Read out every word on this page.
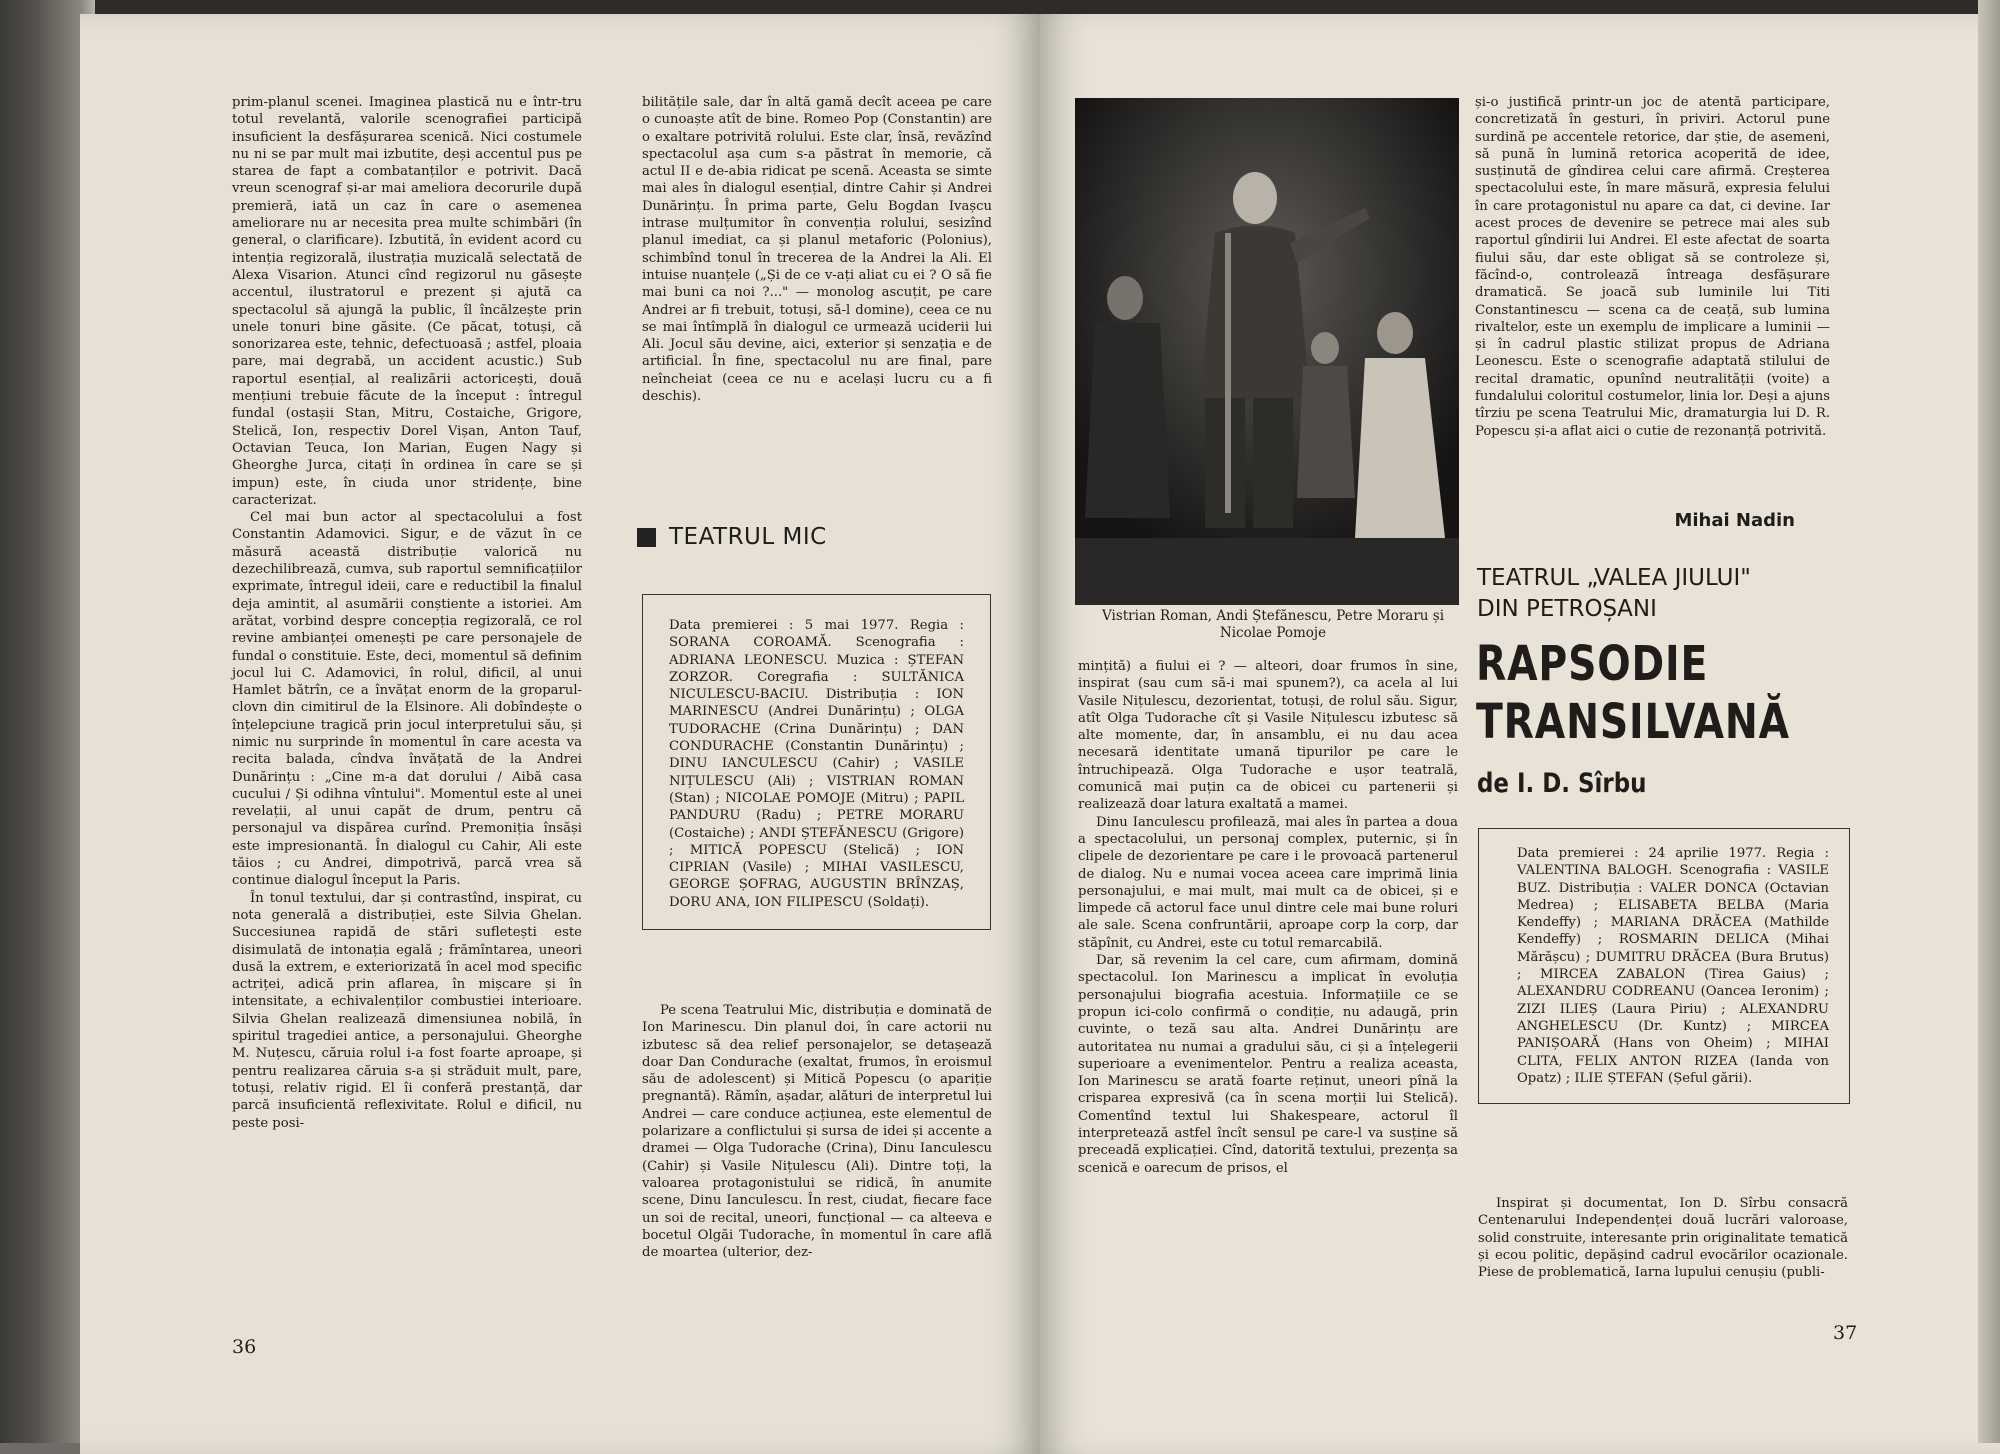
prim-planul scenei. Imaginea plastică nu e într-tru totul revelantă, valorile scenografiei participă insuficient la desfășurarea scenică. Nici costumele nu ni se par mult mai izbutite, deși accentul pus pe starea de fapt a combatanților e potrivit. Dacă vreun scenograf și-ar mai ameliora decorurile după premieră, iată un caz în care o asemenea ameliorare nu ar necesita prea multe schimbări (în general, o clarificare). Izbutită, în evident acord cu intenția regizorală, ilustrația muzicală selectată de Alexa Visarion. Atunci cînd regizorul nu găsește accentul, ilustratorul e prezent și ajută ca spectacolul să ajungă la public, îl încălzește prin unele tonuri bine găsite. (Ce păcat, totuși, că sonorizarea este, tehnic, defectuoasă ; astfel, ploaia pare, mai degrabă, un accident acustic.) Sub raportul esențial, al realizării actoricești, două mențiuni trebuie făcute de la început : întregul fundal (ostașii Stan, Mitru, Costaiche, Grigore, Stelică, Ion, respectiv Dorel Vișan, Anton Tauf, Octavian Teuca, Ion Marian, Eugen Nagy și Gheorghe Jurca, citați în ordinea în care se și impun) este, în ciuda unor stridențe, bine caracterizat.

Cel mai bun actor al spectacolului a fost Constantin Adamovici. Sigur, e de văzut în ce măsură această distribuție valorică nu dezechilibrează, cumva, sub raportul semnificațiilor exprimate, întregul ideii, care e reductibil la finalul deja amintit, al asumării conștiente a istoriei. Am arătat, vorbind despre concepția regizorală, ce rol revine ambianței omenești pe care personajele de fundal o constituie. Este, deci, momentul să definim jocul lui C. Adamovici, în rolul, dificil, al unui Hamlet bătrîn, ce a învățat enorm de la groparul-clovn din cimitirul de la Elsinore. Ali dobîndește o înțelepciune tragică prin jocul interpretului său, și nimic nu surprinde în momentul în care acesta va recita balada, cîndva învățată de la Andrei Dunărințu : „Cine m-a dat dorului / Aibă casa cucului / Și odihna vîntului". Momentul este al unei revelații, al unui capăt de drum, pentru că personajul va dispărea curînd. Premoniția însăși este impresionantă. În dialogul cu Cahir, Ali este tăios ; cu Andrei, dimpotrivă, parcă vrea să continue dialogul început la Paris.

În tonul textului, dar și contrastînd, inspirat, cu nota generală a distribuției, este Silvia Ghelan. Succesiunea rapidă de stări sufletești este disimulată de intonația egală ; frămîntarea, uneori dusă la extrem, e exteriorizată în acel mod specific actriței, adică prin aflarea, în mișcare și în intensitate, a echivalenților combustiei interioare. Silvia Ghelan realizează dimensiunea nobilă, în spiritul tragediei antice, a personajului. Gheorghe M. Nuțescu, căruia rolul i-a fost foarte aproape, și pentru realizarea căruia s-a și străduit mult, pare, totuși, relativ rigid. El îi conferă prestanță, dar parcă insuficientă reflexivitate. Rolul e dificil, nu peste posi-

bilitățile sale, dar în altă gamă decît aceea pe care o cunoaște atît de bine. Romeo Pop (Constantin) are o exaltare potrivită rolului. Este clar, însă, revăzînd spectacolul așa cum s-a păstrat în memorie, că actul II e de-abia ridicat pe scenă. Aceasta se simte mai ales în dialogul esențial, dintre Cahir și Andrei Dunărințu. În prima parte, Gelu Bogdan Ivașcu intrase mulțumitor în convenția rolului, sesizînd planul imediat, ca și planul metaforic (Polonius), schimbînd tonul în trecerea de la Andrei la Ali. El intuise nuanțele („Și de ce v-ați aliat cu ei ? O să fie mai buni ca noi ?..." — monolog ascuțit, pe care Andrei ar fi trebuit, totuși, să-l domine), ceea ce nu se mai întîmplă în dialogul ce urmează uciderii lui Ali. Jocul său devine, aici, exterior și senzația e de artificial. În fine, spectacolul nu are final, pare neîncheiat (ceea ce nu e același lucru cu a fi deschis).

TEATRUL MIC
Data premierei : 5 mai 1977. Regia : SORANA COROAMĂ. Scenografia : ADRIANA LEONESCU. Muzica : ȘTEFAN ZORZOR. Coregrafia : SULTĂNICA NICULESCU-BACIU. Distribuția : ION MARINESCU (Andrei Dunărințu) ; OLGA TUDORACHE (Crina Dunărințu) ; DAN CONDURACHE (Constantin Dunărințu) ; DINU IANCULESCU (Cahir) ; VASILE NIȚULESCU (Ali) ; VISTRIAN ROMAN (Stan) ; NICOLAE POMOJE (Mitru) ; PAPIL PANDURU (Radu) ; PETRE MORARU (Costaiche) ; ANDI ȘTEFĂNESCU (Grigore) ; MITICĂ POPESCU (Stelică) ; ION CIPRIAN (Vasile) ; MIHAI VASILESCU, GEORGE ȘOFRAG, AUGUSTIN BRÎNZAȘ, DORU ANA, ION FILIPESCU (Soldați).

Pe scena Teatrului Mic, distribuția e dominată de Ion Marinescu. Din planul doi, în care actorii nu izbutesc să dea relief personajelor, se detașează doar Dan Condurache (exaltat, frumos, în eroismul său de adolescent) și Mitică Popescu (o apariție pregnantă). Rămîn, așadar, alături de interpretul lui Andrei — care conduce acțiunea, este elementul de polarizare a conflictului și sursa de idei și accente a dramei — Olga Tudorache (Crina), Dinu Ianculescu (Cahir) și Vasile Nițulescu (Ali). Dintre toți, la valoarea protagonistului se ridică, în anumite scene, Dinu Ianculescu. În rest, ciudat, fiecare face un soi de recital, uneori, funcțional — ca alteeva e bocetul Olgăi Tudorache, în momentul în care află de moartea (ulterior, dez-

36

și-o justifică printr-un joc de atentă participare, concretizată în gesturi, în priviri. Actorul pune surdină pe accentele retorice, dar știe, de asemeni, să pună în lumină retorica acoperită de idee, susținută de gîndirea celui care afirmă. Creșterea spectacolului este, în mare măsură, expresia felului în care protagonistul nu apare ca dat, ci devine. Iar acest proces de devenire se petrece mai ales sub raportul gîndirii lui Andrei. El este afectat de soarta fiului său, dar este obligat să se controleze și, făcînd-o, controlează întreaga desfășurare dramatică. Se joacă sub luminile lui Titi Constantinescu — scena ca de ceață, sub lumina rivaltelor, este un exemplu de implicare a luminii — și în cadrul plastic stilizat propus de Adriana Leonescu. Este o scenografie adaptată stilului de recital dramatic, opunînd neutralității (voite) a fundalului coloritul costumelor, linia lor. Deși a ajuns tîrziu pe scena Teatrului Mic, dramaturgia lui D. R. Popescu și-a aflat aici o cutie de rezonanță potrivită.

Mihai Nadin
Vistrian Roman, Andi Ștefănescu, Petre Moraru și Nicolae Pomoje

mințită) a fiului ei ? — alteori, doar frumos în sine, inspirat (sau cum să-i mai spunem?), ca acela al lui Vasile Nițulescu, dezorientat, totuși, de rolul său. Sigur, atît Olga Tudorache cît și Vasile Nițulescu izbutesc să alte momente, dar, în ansamblu, ei nu dau acea necesară identitate umană tipurilor pe care le întruchipează. Olga Tudorache e ușor teatrală, comunică mai puțin ca de obicei cu partenerii și realizează doar latura exaltată a mamei.

Dinu Ianculescu profilează, mai ales în partea a doua a spectacolului, un personaj complex, puternic, și în clipele de dezorientare pe care i le provoacă partenerul de dialog. Nu e numai vocea aceea care imprimă linia personajului, e mai mult, mai mult ca de obicei, și e limpede că actorul face unul dintre cele mai bune roluri ale sale. Scena confruntării, aproape corp la corp, dar stăpînit, cu Andrei, este cu totul remarcabilă.

Dar, să revenim la cel care, cum afirmam, domină spectacolul. Ion Marinescu a implicat în evoluția personajului biografia acestuia. Informațiile ce se propun ici-colo confirmă o condiție, nu adaugă, prin cuvinte, o teză sau alta. Andrei Dunărințu are autoritatea nu numai a gradului său, ci și a înțelegerii superioare a evenimentelor. Pentru a realiza aceasta, Ion Marinescu se arată foarte reținut, uneori pînă la crisparea expresivă (ca în scena morții lui Stelică). Comentînd textul lui Shakespeare, actorul îl interpretează astfel încît sensul pe care-l va susține să preceadă explicației. Cînd, datorită textului, prezența sa scenică e oarecum de prisos, el

TEATRUL „VALEA JIULUI"
DIN PETROȘANI
RAPSODIE
TRANSILVANĂ
de I. D. Sîrbu
Data premierei : 24 aprilie 1977. Regia : VALENTINA BALOGH. Scenografia : VASILE BUZ. Distribuția : VALER DONCA (Octavian Medrea) ; ELISABETA BELBA (Maria Kendeffy) ; MARIANA DRĂCEA (Mathilde Kendeffy) ; ROSMARIN DELICA (Mihai Mărășcu) ; DUMITRU DRĂCEA (Bura Brutus) ; MIRCEA ZABALON (Tirea Gaius) ; ALEXANDRU CODREANU (Oancea Ieronim) ; ZIZI ILIEȘ (Laura Piriu) ; ALEXANDRU ANGHELESCU (Dr. Kuntz) ; MIRCEA PANIȘOARĂ (Hans von Oheim) ; MIHAI CLITA, FELIX ANTON RIZEA (Ianda von Opatz) ; ILIE ȘTEFAN (Șeful gării).

Inspirat și documentat, Ion D. Sîrbu consacră Centenarului Independenței două lucrări valoroase, solid construite, interesante prin originalitate tematică și ecou politic, depășind cadrul evocărilor ocazionale. Piese de problematică, Iarna lupului cenușiu (publi-

37
